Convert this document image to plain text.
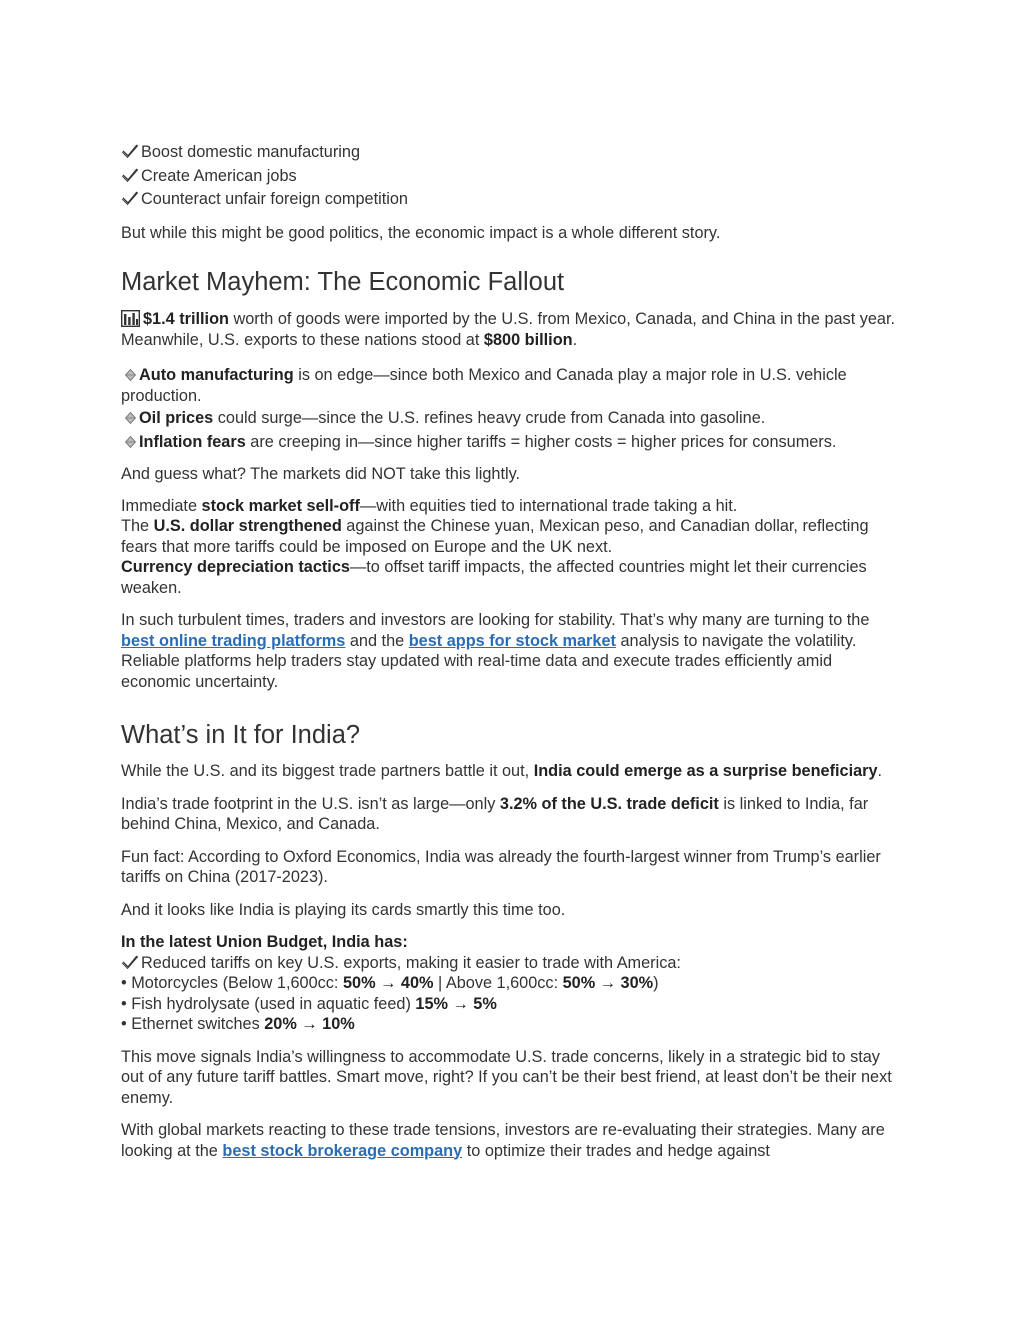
Boost domestic manufacturing

Create American jobs

Counteract unfair foreign competition

But while this might be good politics, the economic impact is a whole different story.

Market Mayhem: The Economic Fallout

$1.4 trillion worth of goods were imported by the U.S. from Mexico, Canada, and China in the past year. Meanwhile, U.S. exports to these nations stood at $800 billion.

Auto manufacturing is on edge—since both Mexico and Canada play a major role in U.S. vehicle production.

Oil prices could surge—since the U.S. refines heavy crude from Canada into gasoline.

Inflation fears are creeping in—since higher tariffs = higher costs = higher prices for consumers.

And guess what? The markets did NOT take this lightly.

Immediate stock market sell-off—with equities tied to international trade taking a hit.

The U.S. dollar strengthened against the Chinese yuan, Mexican peso, and Canadian dollar, reflecting fears that more tariffs could be imposed on Europe and the UK next.

Currency depreciation tactics—to offset tariff impacts, the affected countries might let their currencies weaken.

In such turbulent times, traders and investors are looking for stability. That’s why many are turning to the best online trading platforms and the best apps for stock market analysis to navigate the volatility. Reliable platforms help traders stay updated with real-time data and execute trades efficiently amid economic uncertainty.

What’s in It for India?

While the U.S. and its biggest trade partners battle it out, India could emerge as a surprise beneficiary.

India’s trade footprint in the U.S. isn’t as large—only 3.2% of the U.S. trade deficit is linked to India, far behind China, Mexico, and Canada.

Fun fact: According to Oxford Economics, India was already the fourth-largest winner from Trump’s earlier tariffs on China (2017-2023).

And it looks like India is playing its cards smartly this time too.

In the latest Union Budget, India has:

Reduced tariffs on key U.S. exports, making it easier to trade with America:

• Motorcycles (Below 1,600cc: 50% → 40% | Above 1,600cc: 50% → 30%)

• Fish hydrolysate (used in aquatic feed) 15% → 5%

• Ethernet switches 20% → 10%

This move signals India’s willingness to accommodate U.S. trade concerns, likely in a strategic bid to stay out of any future tariff battles. Smart move, right? If you can’t be their best friend, at least don’t be their next enemy.

With global markets reacting to these trade tensions, investors are re-evaluating their strategies. Many are looking at the best stock brokerage company to optimize their trades and hedge against
